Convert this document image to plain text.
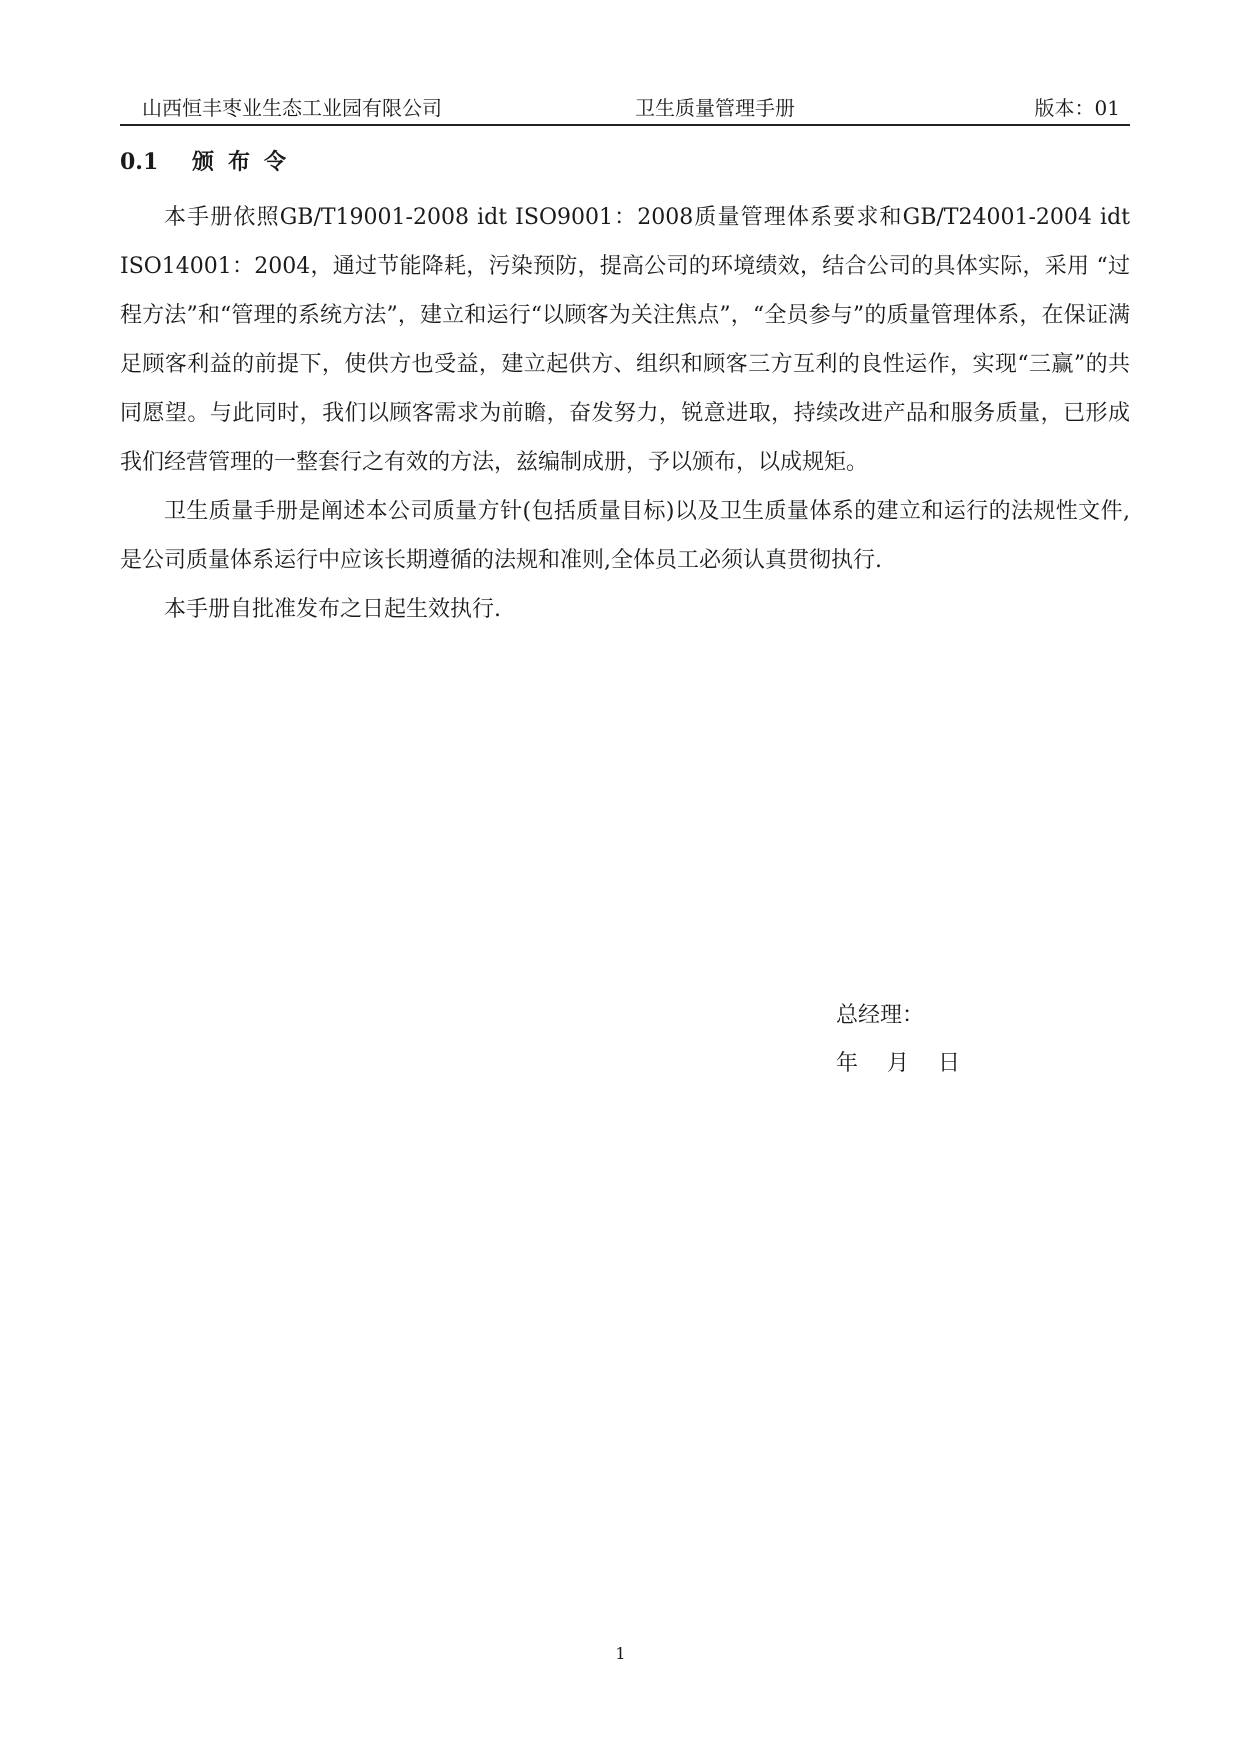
山西恒丰枣业生态工业园有限公司	卫生质量管理手册	版本：01
0.1 颁布令

本手册依照GB/T19001-2008 idt ISO9001：2008质量管理体系要求和GB/T24001-2004 idt ISO14001：2004，通过节能降耗，污染预防，提高公司的环境绩效，结合公司的具体实际，采用 “过程方法”和“管理的系统方法”，建立和运行“以顾客为关注焦点”，“全员参与”的质量管理体系，在保证满足顾客利益的前提下，使供方也受益，建立起供方、组织和顾客三方互利的良性运作，实现“三赢”的共同愿望。与此同时，我们以顾客需求为前瞻，奋发努力，锐意进取，持续改进产品和服务质量，已形成我们经营管理的一整套行之有效的方法，兹编制成册，予以颁布，以成规矩。

卫生质量手册是阐述本公司质量方针(包括质量目标)以及卫生质量体系的建立和运行的法规性文件,是公司质量体系运行中应该长期遵循的法规和准则,全体员工必须认真贯彻执行.

本手册自批准发布之日起生效执行.

总经理：
年 月 日
1
